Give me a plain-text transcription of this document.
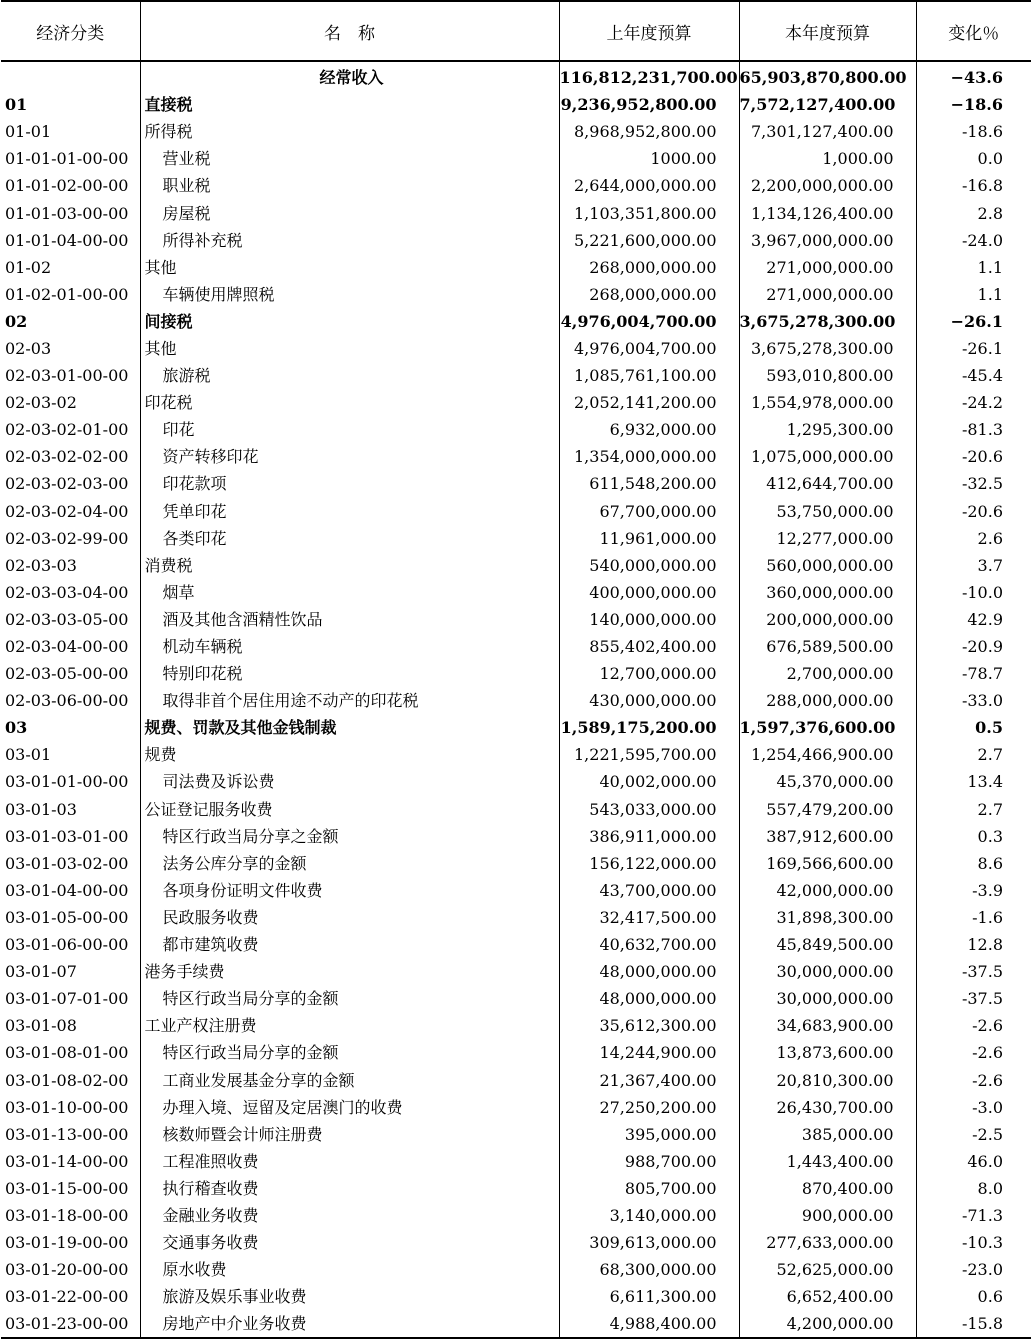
经济分类	名　称	上年度预算	本年度预算	变化％
	经常收入	116,812,231,700.00	65,903,870,800.00	−43.6
01	直接税	9,236,952,800.00	7,572,127,400.00	−18.6
01-01	所得税	8,968,952,800.00	7,301,127,400.00	-18.6
01-01-01-00-00	营业税	1000.00	1,000.00	0.0
01-01-02-00-00	职业税	2,644,000,000.00	2,200,000,000.00	-16.8
01-01-03-00-00	房屋税	1,103,351,800.00	1,134,126,400.00	2.8
01-01-04-00-00	所得补充税	5,221,600,000.00	3,967,000,000.00	-24.0
01-02	其他	268,000,000.00	271,000,000.00	1.1
01-02-01-00-00	车辆使用牌照税	268,000,000.00	271,000,000.00	1.1
02	间接税	4,976,004,700.00	3,675,278,300.00	−26.1
02-03	其他	4,976,004,700.00	3,675,278,300.00	-26.1
02-03-01-00-00	旅游税	1,085,761,100.00	593,010,800.00	-45.4
02-03-02	印花税	2,052,141,200.00	1,554,978,000.00	-24.2
02-03-02-01-00	印花	6,932,000.00	1,295,300.00	-81.3
02-03-02-02-00	资产转移印花	1,354,000,000.00	1,075,000,000.00	-20.6
02-03-02-03-00	印花款项	611,548,200.00	412,644,700.00	-32.5
02-03-02-04-00	凭单印花	67,700,000.00	53,750,000.00	-20.6
02-03-02-99-00	各类印花	11,961,000.00	12,277,000.00	2.6
02-03-03	消费税	540,000,000.00	560,000,000.00	3.7
02-03-03-04-00	烟草	400,000,000.00	360,000,000.00	-10.0
02-03-03-05-00	酒及其他含酒精性饮品	140,000,000.00	200,000,000.00	42.9
02-03-04-00-00	机动车辆税	855,402,400.00	676,589,500.00	-20.9
02-03-05-00-00	特别印花税	12,700,000.00	2,700,000.00	-78.7
02-03-06-00-00	取得非首个居住用途不动产的印花税	430,000,000.00	288,000,000.00	-33.0
03	规费、罚款及其他金钱制裁	1,589,175,200.00	1,597,376,600.00	0.5
03-01	规费	1,221,595,700.00	1,254,466,900.00	2.7
03-01-01-00-00	司法费及诉讼费	40,002,000.00	45,370,000.00	13.4
03-01-03	公证登记服务收费	543,033,000.00	557,479,200.00	2.7
03-01-03-01-00	特区行政当局分享之金额	386,911,000.00	387,912,600.00	0.3
03-01-03-02-00	法务公库分享的金额	156,122,000.00	169,566,600.00	8.6
03-01-04-00-00	各项身份证明文件收费	43,700,000.00	42,000,000.00	-3.9
03-01-05-00-00	民政服务收费	32,417,500.00	31,898,300.00	-1.6
03-01-06-00-00	都市建筑收费	40,632,700.00	45,849,500.00	12.8
03-01-07	港务手续费	48,000,000.00	30,000,000.00	-37.5
03-01-07-01-00	特区行政当局分享的金额	48,000,000.00	30,000,000.00	-37.5
03-01-08	工业产权注册费	35,612,300.00	34,683,900.00	-2.6
03-01-08-01-00	特区行政当局分享的金额	14,244,900.00	13,873,600.00	-2.6
03-01-08-02-00	工商业发展基金分享的金额	21,367,400.00	20,810,300.00	-2.6
03-01-10-00-00	办理入境、逗留及定居澳门的收费	27,250,200.00	26,430,700.00	-3.0
03-01-13-00-00	核数师暨会计师注册费	395,000.00	385,000.00	-2.5
03-01-14-00-00	工程准照收费	988,700.00	1,443,400.00	46.0
03-01-15-00-00	执行稽查收费	805,700.00	870,400.00	8.0
03-01-18-00-00	金融业务收费	3,140,000.00	900,000.00	-71.3
03-01-19-00-00	交通事务收费	309,613,000.00	277,633,000.00	-10.3
03-01-20-00-00	原水收费	68,300,000.00	52,625,000.00	-23.0
03-01-22-00-00	旅游及娱乐事业收费	6,611,300.00	6,652,400.00	0.6
03-01-23-00-00	房地产中介业务收费	4,988,400.00	4,200,000.00	-15.8
